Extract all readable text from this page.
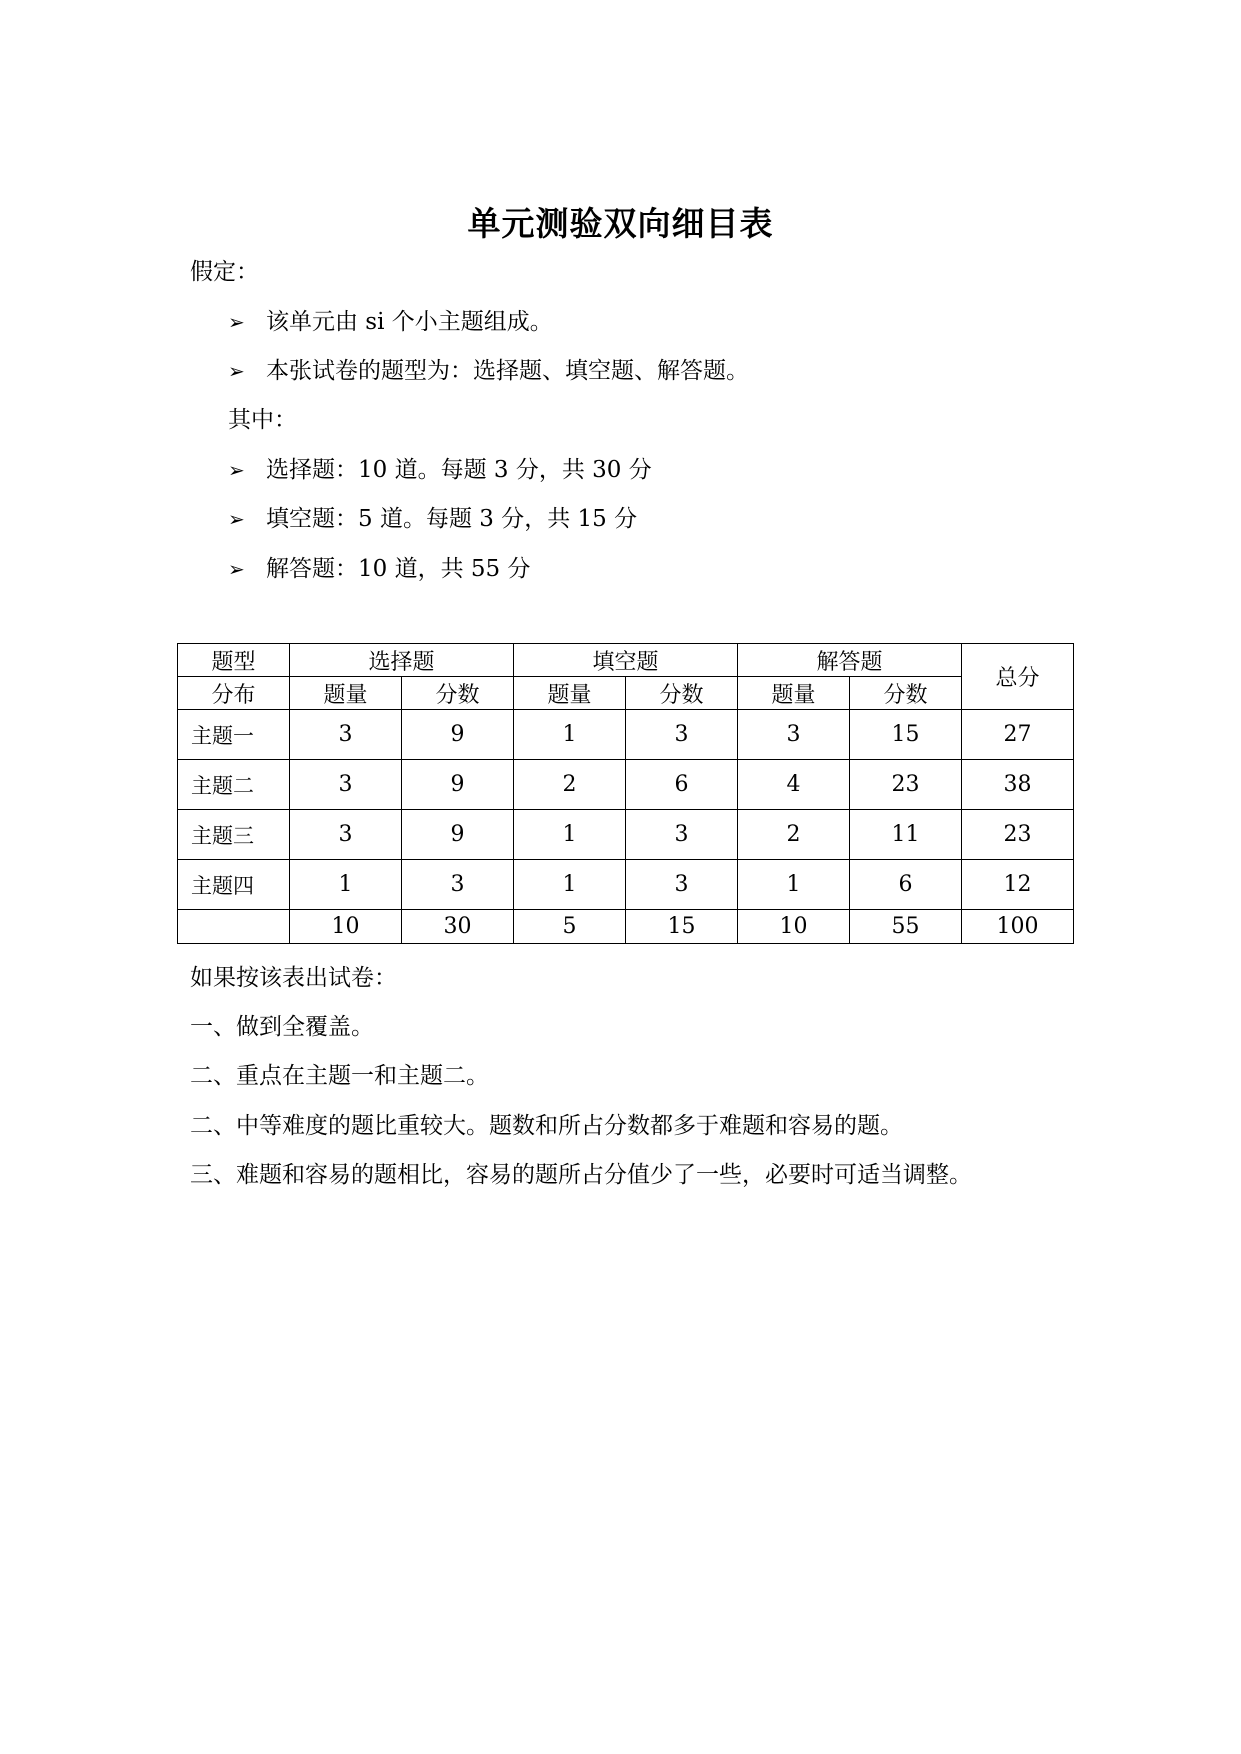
单元测验双向细目表
假定：
➢ 该单元由 si 个小主题组成。
➢ 本张试卷的题型为：选择题、填空题、解答题。
其中：
➢ 选择题：10 道。每题 3 分，共 30 分
➢ 填空题：5 道。每题 3 分，共 15 分
➢ 解答题：10 道，共 55 分
题型	选择题		填空题		解答题		总分
分布	题量	分数	题量	分数	题量	分数	
主题一	3	9	1	3	3	15	27
主题二	3	9	2	6	4	23	38
主题三	3	9	1	3	2	11	23
主题四	1	3	1	3	1	6	12
	10	30	5	15	10	55	100
如果按该表出试卷：
一、做到全覆盖。
二、重点在主题一和主题二。
二、中等难度的题比重较大。题数和所占分数都多于难题和容易的题。
三、难题和容易的题相比，容易的题所占分值少了一些，必要时可适当调整。
